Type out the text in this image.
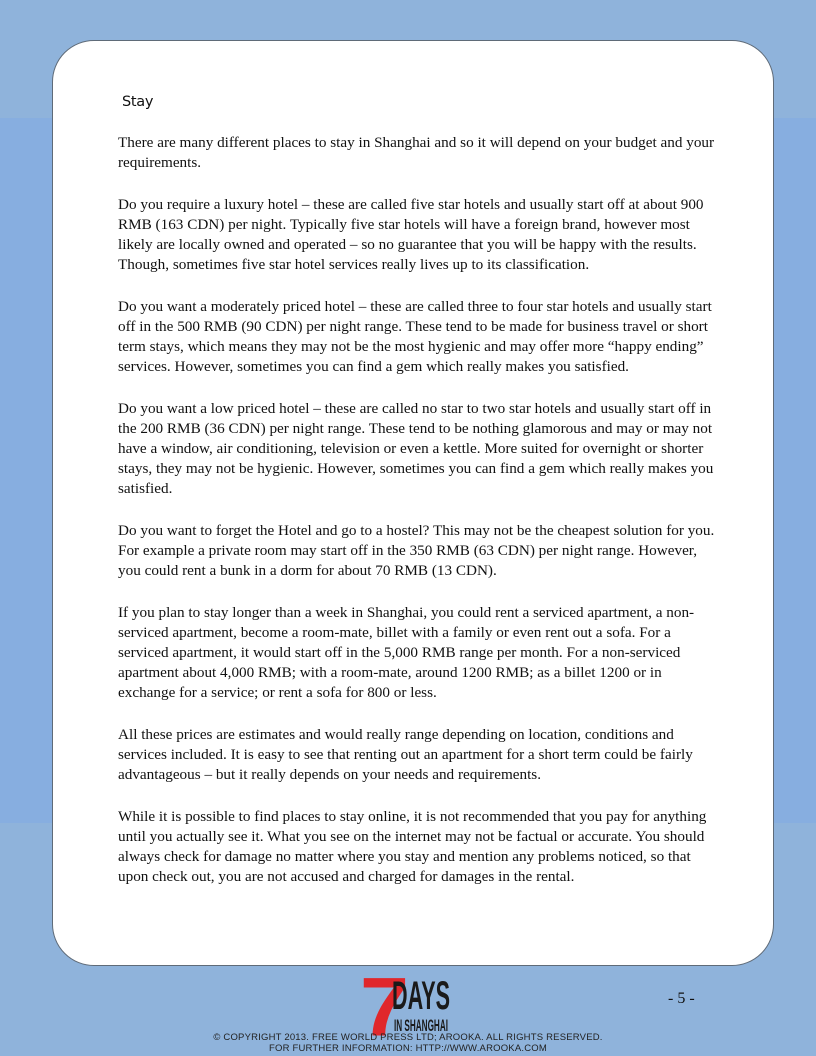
Stay

There are many different places to stay in Shanghai and so it will depend on your budget and your requirements.

Do you require a luxury hotel – these are called five star hotels and usually start off at about 900 RMB (163 CDN) per night. Typically five star hotels will have a foreign brand, however most likely are locally owned and operated – so no guarantee that you will be happy with the results. Though, sometimes five star hotel services really lives up to its classification.

Do you want a moderately priced hotel – these are called three to four star hotels and usually start off in the 500 RMB (90 CDN) per night range. These tend to be made for business travel or short term stays, which means they may not be the most hygienic and may offer more “happy ending” services. However, sometimes you can find a gem which really makes you satisfied.

Do you want a low priced hotel – these are called no star to two star hotels and usually start off in the 200 RMB (36 CDN) per night range. These tend to be nothing glamorous and may or may not have a window, air conditioning, television or even a kettle. More suited for overnight or shorter stays, they may not be hygienic. However, sometimes you can find a gem which really makes you satisfied.

Do you want to forget the Hotel and go to a hostel? This may not be the cheapest solution for you. For example a private room may start off in the 350 RMB (63 CDN) per night range. However, you could rent a bunk in a dorm for about 70 RMB (13 CDN).

If you plan to stay longer than a week in Shanghai, you could rent a serviced apartment, a non-serviced apartment, become a room-mate, billet with a family or even rent out a sofa. For a serviced apartment, it would start off in the 5,000 RMB range per month. For a non-serviced apartment about 4,000 RMB; with a room-mate, around 1200 RMB; as a billet 1200 or in exchange for a service; or rent a sofa for 800 or less.

All these prices are estimates and would really range depending on location, conditions and services included. It is easy to see that renting out an apartment for a short term could be fairly advantageous – but it really depends on your needs and requirements.

While it is possible to find places to stay online, it is not recommended that you pay for anything until you actually see it. What you see on the internet may not be factual or accurate. You should always check for damage no matter where you stay and mention any problems noticed, so that upon check out, you are not accused and charged for damages in the rental.

7
DAYS
IN SHANGHAI
- 5 -
© COPYRIGHT 2013. FREE WORLD PRESS LTD; AROOKA. ALL RIGHTS RESERVED.
FOR FURTHER INFORMATION: HTTP://WWW.AROOKA.COM
